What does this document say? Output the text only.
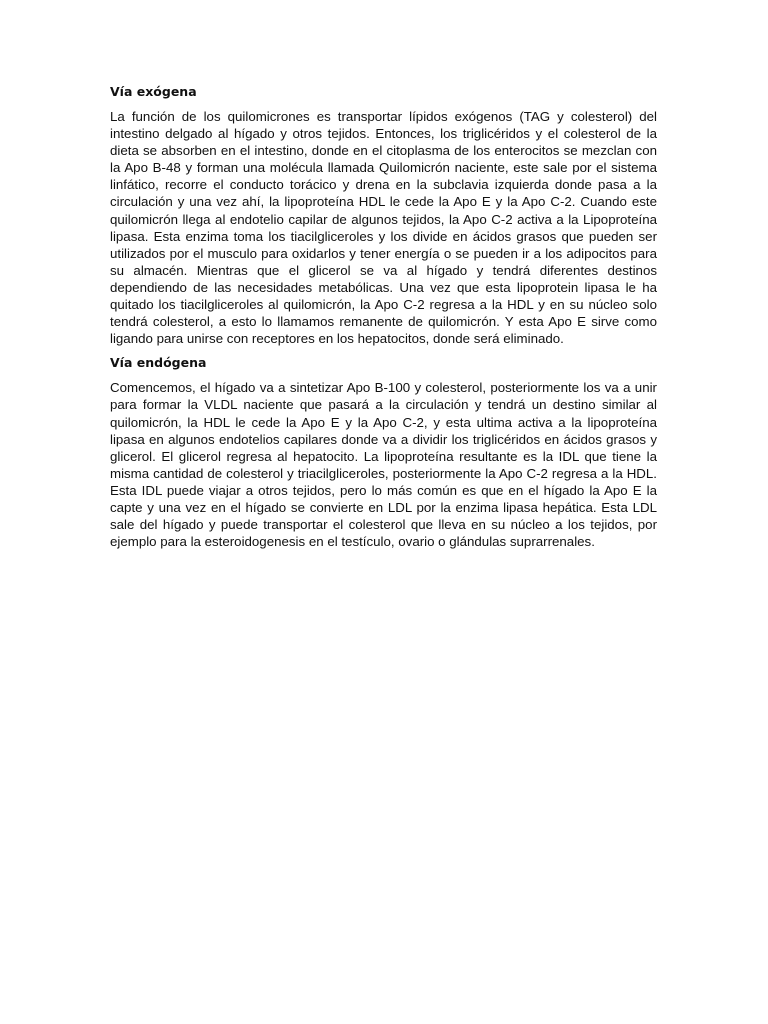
Vía exógena

La función de los quilomicrones es transportar lípidos exógenos (TAG y colesterol) del intestino delgado al hígado y otros tejidos. Entonces, los triglicéridos y el colesterol de la dieta se absorben en el intestino, donde en el citoplasma de los enterocitos se mezclan con la Apo B-48 y forman una molécula llamada Quilomicrón naciente, este sale por el sistema linfático, recorre el conducto torácico y drena en la subclavia izquierda donde pasa a la circulación y una vez ahí, la lipoproteína HDL le cede la Apo E y la Apo C-2. Cuando este quilomicrón llega al endotelio capilar de algunos tejidos, la Apo C-2 activa a la Lipoproteína lipasa. Esta enzima toma los tiacilgliceroles y los divide en ácidos grasos que pueden ser utilizados por el musculo para oxidarlos y tener energía o se pueden ir a los adipocitos para su almacén. Mientras que el glicerol se va al hígado y tendrá diferentes destinos dependiendo de las necesidades metabólicas. Una vez que esta lipoprotein lipasa le ha quitado los tiacilgliceroles al quilomicrón, la Apo C-2 regresa a la HDL y en su núcleo solo tendrá colesterol, a esto lo llamamos remanente de quilomicrón. Y esta Apo E sirve como ligando para unirse con receptores en los hepatocitos, donde será eliminado.

Vía endógena

Comencemos, el hígado va a sintetizar Apo B-100 y colesterol, posteriormente los va a unir para formar la VLDL naciente que pasará a la circulación y tendrá un destino similar al quilomicrón, la HDL le cede la Apo E y la Apo C-2, y esta ultima activa a la lipoproteína lipasa en algunos endotelios capilares donde va a dividir los triglicéridos en ácidos grasos y glicerol. El glicerol regresa al hepatocito. La lipoproteína resultante es la IDL que tiene la misma cantidad de colesterol y triacilgliceroles, posteriormente la Apo C-2 regresa a la HDL. Esta IDL puede viajar a otros tejidos, pero lo más común es que en el hígado la Apo E la capte y una vez en el hígado se convierte en LDL por la enzima lipasa hepática. Esta LDL sale del hígado y puede transportar el colesterol que lleva en su núcleo a los tejidos, por ejemplo para la esteroidogenesis en el testículo, ovario o glándulas suprarrenales.
